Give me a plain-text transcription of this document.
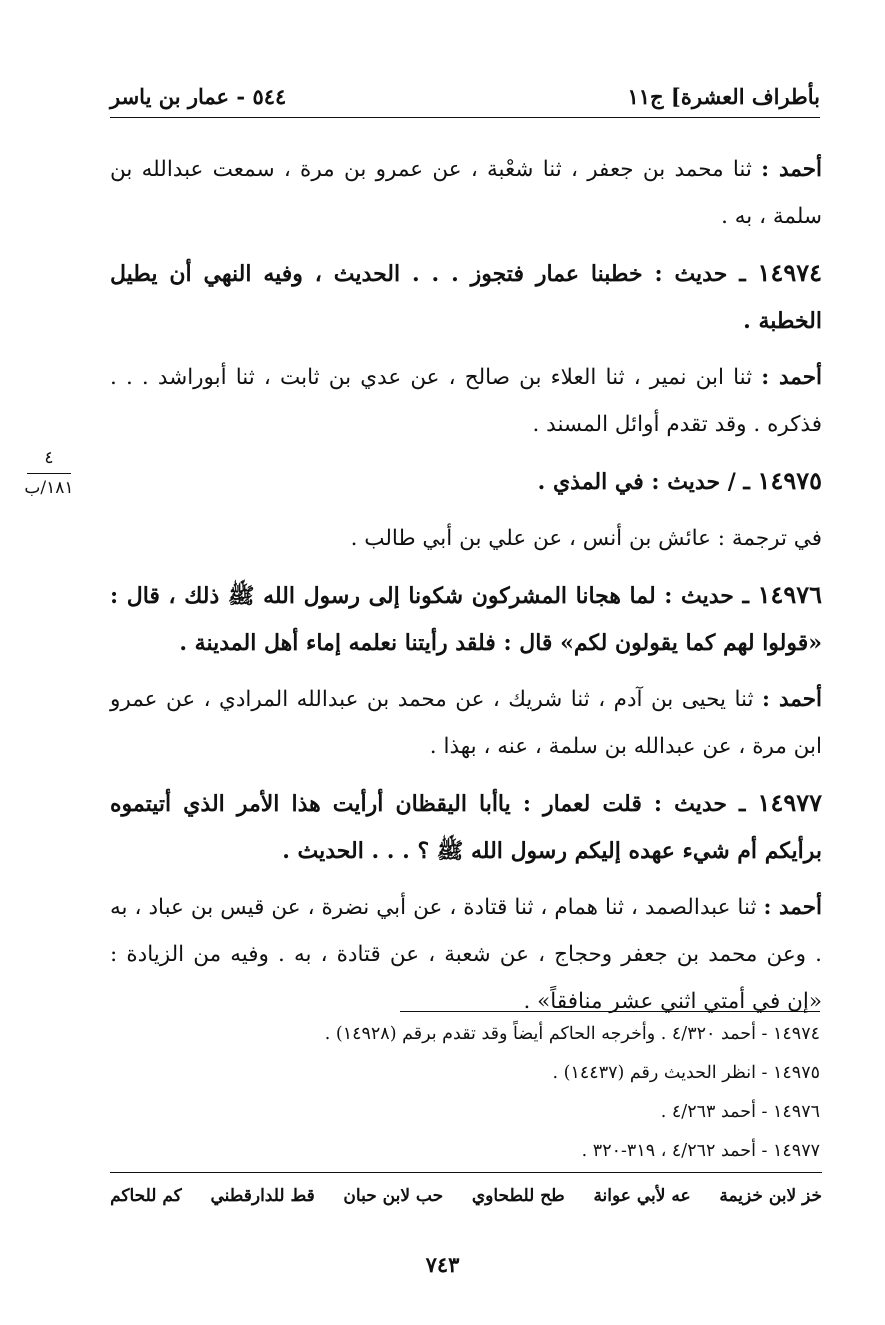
بأطراف العشرة] ج١١
٥٤٤ - عمار بن ياسر
٤
١٨١/ب

أحمد : ثنا محمد بن جعفر ، ثنا شعْبة ، عن عمرو بن مرة ، سمعت عبدالله بن سلمة ، به .

١٤٩٧٤ ـ حديث : خطبنا عمار فتجوز . . . الحديث ، وفيه النهي أن يطيل الخطبة .

أحمد : ثنا ابن نمير ، ثنا العلاء بن صالح ، عن عدي بن ثابت ، ثنا أبوراشد . . . فذكره . وقد تقدم أوائل المسند .

١٤٩٧٥ ـ / حديث : في المذي .

في ترجمة : عائش بن أنس ، عن علي بن أبي طالب .

١٤٩٧٦ ـ حديث : لما هجانا المشركون شكونا إلى رسول الله ﷺ ذلك ، قال : «قولوا لهم كما يقولون لكم» قال : فلقد رأيتنا نعلمه إماء أهل المدينة .

أحمد : ثنا يحيى بن آدم ، ثنا شريك ، عن محمد بن عبدالله المرادي ، عن عمرو ابن مرة ، عن عبدالله بن سلمة ، عنه ، بهذا .

١٤٩٧٧ ـ حديث : قلت لعمار : ياأبا اليقظان أرأيت هذا الأمر الذي أتيتموه برأيكم أم شيء عهده إليكم رسول الله ﷺ ؟ . . . الحديث .

أحمد : ثنا عبدالصمد ، ثنا همام ، ثنا قتادة ، عن أبي نضرة ، عن قيس بن عباد ، به . وعن محمد بن جعفر وحجاج ، عن شعبة ، عن قتادة ، به . وفيه من الزيادة : «إن في أمتي اثني عشر منافقاً» .

١٤٩٧٤ - أحمد ٤/٣٢٠ . وأخرجه الحاكم أيضاً وقد تقدم برقم (١٤٩٢٨) .
١٤٩٧٥ - انظر الحديث رقم (١٤٤٣٧) .
١٤٩٧٦ - أحمد ٤/٢٦٣ .
١٤٩٧٧ - أحمد ٤/٢٦٢ ، ٣١٩-٣٢٠ .
خز لابن خزيمة
عه لأبي عوانة
طح للطحاوي
حب لابن حبان
قط للدارقطني
كم للحاكم
٧٤٣
